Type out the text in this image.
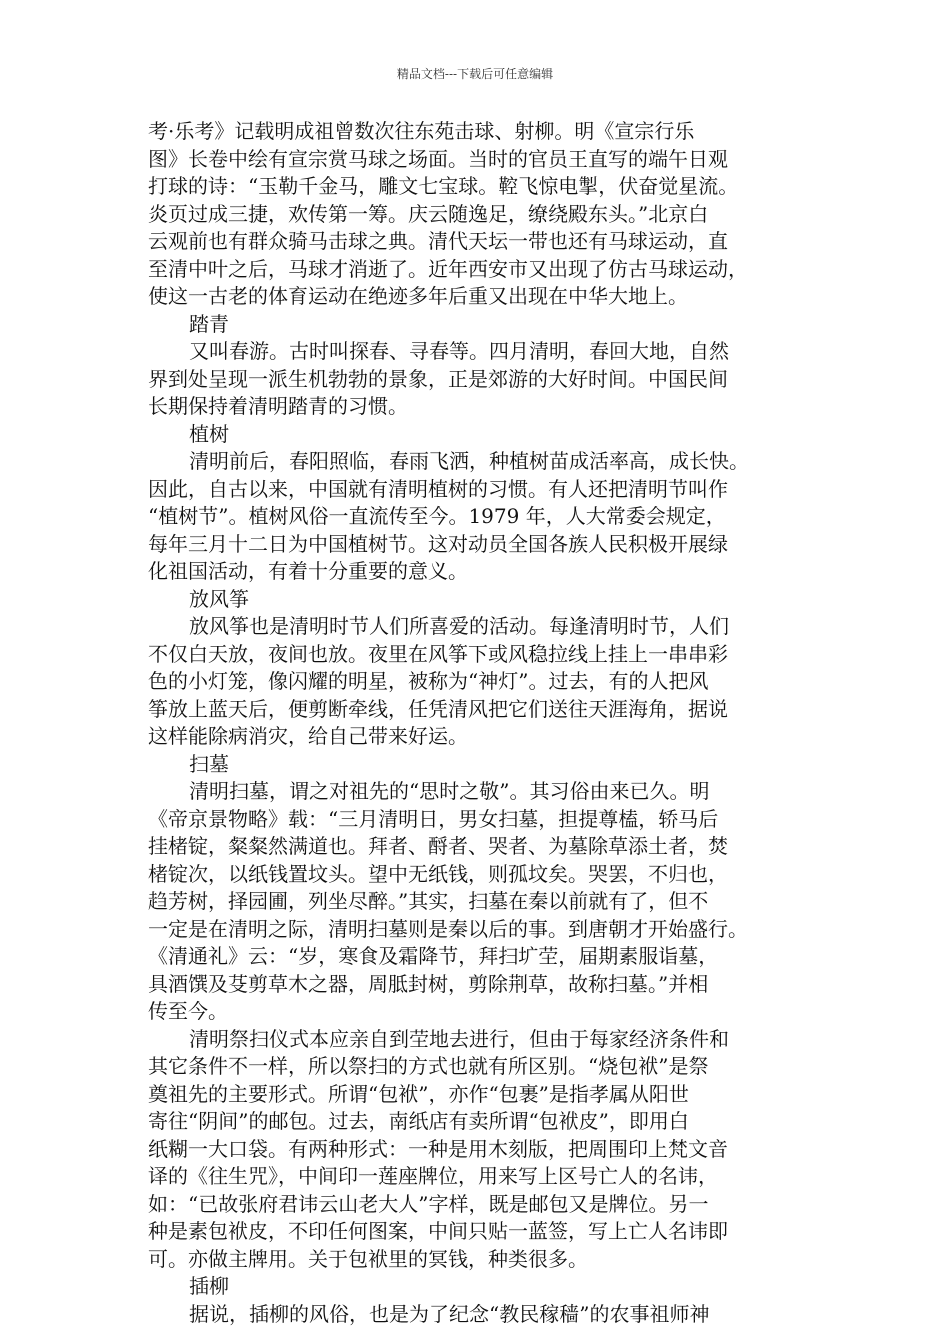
精品文档---下载后可任意编辑
考·乐考》记载明成祖曾数次往东苑击球、射柳。明《宣宗行乐
图》长卷中绘有宣宗赏马球之场面。当时的官员王直写的端午日观
打球的诗：“玉勒千金马，雕文七宝球。鞚飞惊电掣，伏奋觉星流。
炎页过成三捷，欢传第一筹。庆云随逸足，缭绕殿东头。”北京白
云观前也有群众骑马击球之典。清代天坛一带也还有马球运动，直
至清中叶之后，马球才消逝了。近年西安市又出现了仿古马球运动，
使这一古老的体育运动在绝迹多年后重又出现在中华大地上。
踏青
又叫春游。古时叫探春、寻春等。四月清明，春回大地，自然
界到处呈现一派生机勃勃的景象，正是郊游的大好时间。中国民间
长期保持着清明踏青的习惯。
植树
清明前后，春阳照临，春雨飞洒，种植树苗成活率高，成长快。
因此，自古以来，中国就有清明植树的习惯。有人还把清明节叫作
“植树节”。植树风俗一直流传至今。1979 年，人大常委会规定，
每年三月十二日为中国植树节。这对动员全国各族人民积极开展绿
化祖国活动，有着十分重要的意义。
放风筝
放风筝也是清明时节人们所喜爱的活动。每逢清明时节，人们
不仅白天放，夜间也放。夜里在风筝下或风稳拉线上挂上一串串彩
色的小灯笼，像闪耀的明星，被称为“神灯”。过去，有的人把风
筝放上蓝天后，便剪断牵线，任凭清风把它们送往天涯海角，据说
这样能除病消灾，给自己带来好运。
扫墓
清明扫墓，谓之对祖先的“思时之敬”。其习俗由来已久。明
《帝京景物略》载：“三月清明日，男女扫墓，担提尊榼，轿马后
挂楮锭，粲粲然满道也。拜者、酹者、哭者、为墓除草添土者，焚
楮锭次，以纸钱置坟头。望中无纸钱，则孤坟矣。哭罢，不归也，
趋芳树，择园圃，列坐尽醉。”其实，扫墓在秦以前就有了，但不
一定是在清明之际，清明扫墓则是秦以后的事。到唐朝才开始盛行。
《清通礼》云：“岁，寒食及霜降节，拜扫圹茔，届期素服诣墓，
具酒馔及芟剪草木之器，周胝封树，剪除荆草，故称扫墓。”并相
传至今。
清明祭扫仪式本应亲自到茔地去进行，但由于每家经济条件和
其它条件不一样，所以祭扫的方式也就有所区别。“烧包袱”是祭
奠祖先的主要形式。所谓“包袱”，亦作“包裹”是指孝属从阳世
寄往“阴间”的邮包。过去，南纸店有卖所谓“包袱皮”，即用白
纸糊一大口袋。有两种形式：一种是用木刻版，把周围印上梵文音
译的《往生咒》，中间印一莲座牌位，用来写上区号亡人的名讳，
如：“已故张府君讳云山老大人”字样，既是邮包又是牌位。另一
种是素包袱皮，不印任何图案，中间只贴一蓝签，写上亡人名讳即
可。亦做主牌用。关于包袱里的冥钱，种类很多。
插柳
据说，插柳的风俗，也是为了纪念“教民稼穑”的农事祖师神
